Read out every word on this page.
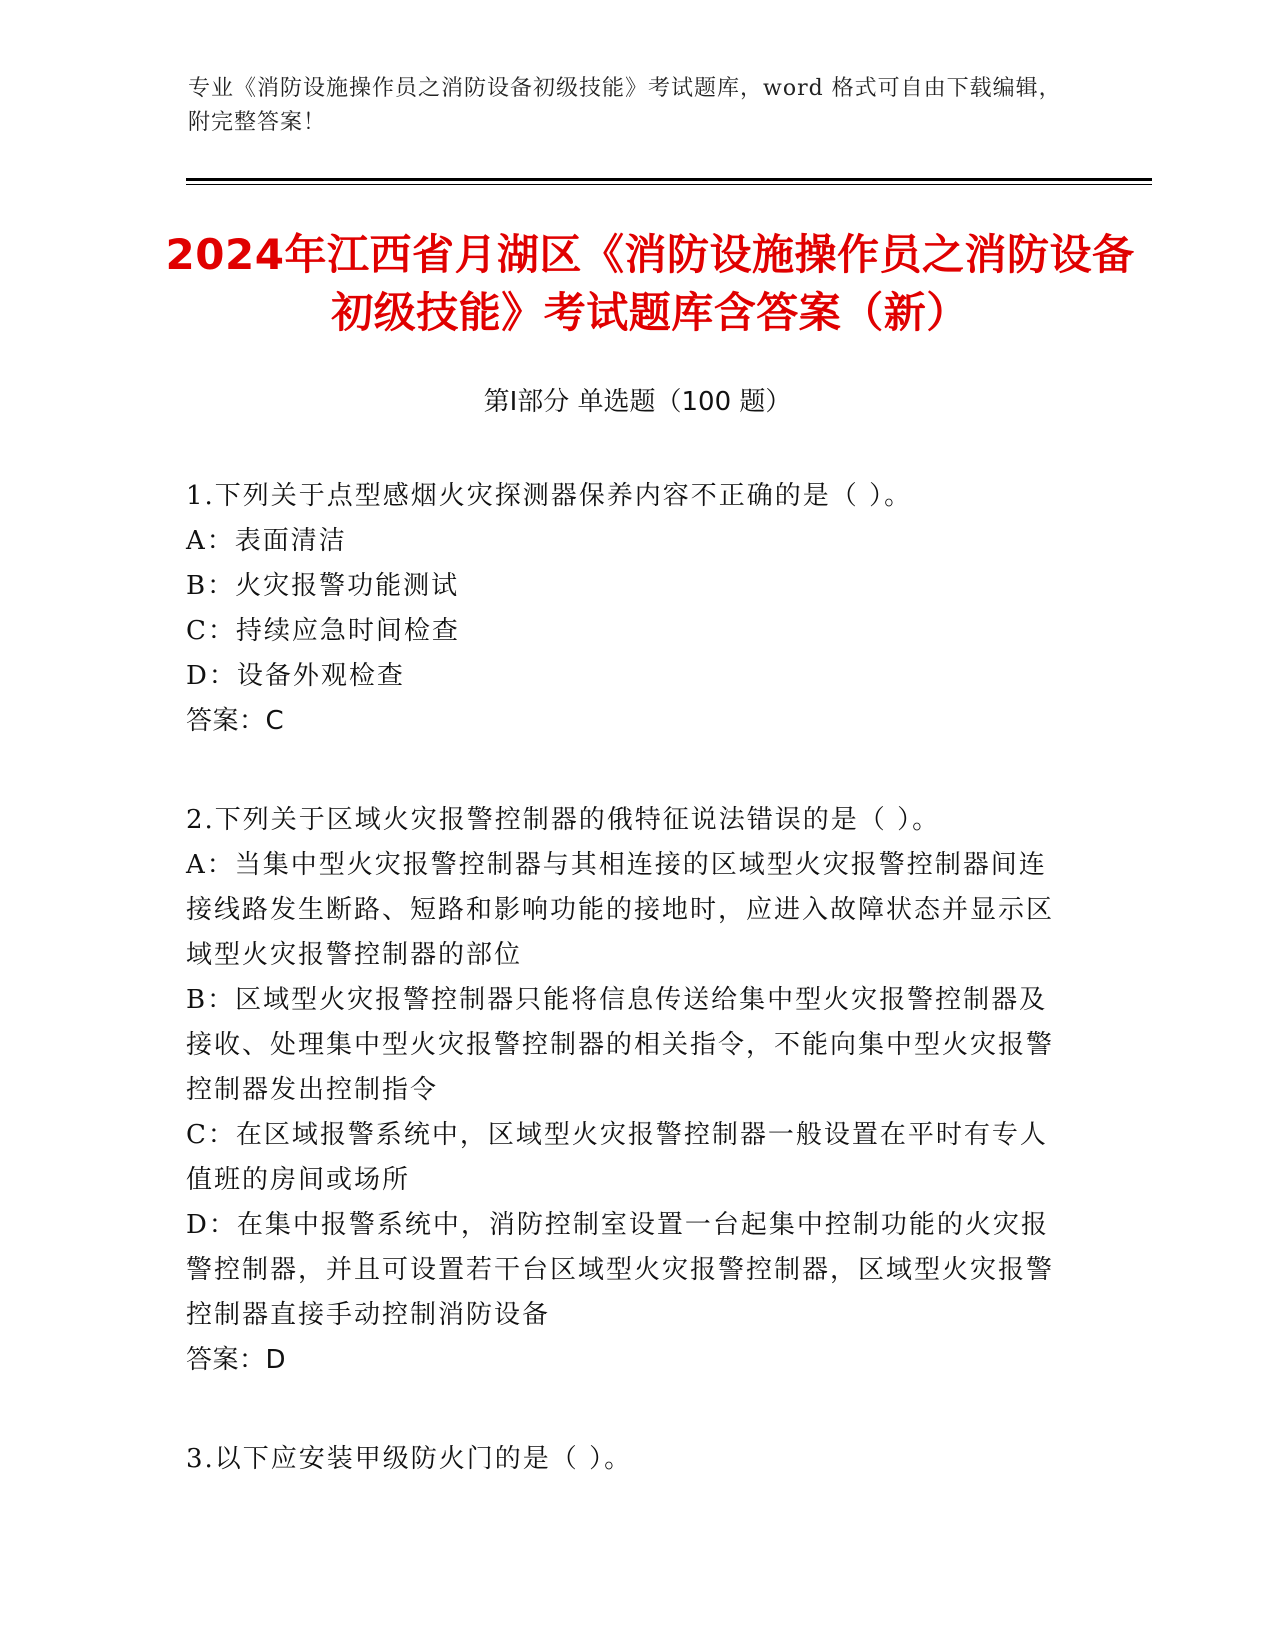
专业《消防设施操作员之消防设备初级技能》考试题库，word 格式可自由下载编辑，附完整答案！
2024年江西省月湖区《消防设施操作员之消防设备初级技能》考试题库含答案（新）
第Ⅰ部分 单选题（100 题）
1.下列关于点型感烟火灾探测器保养内容不正确的是（ ）。
A：表面清洁
B：火灾报警功能测试
C：持续应急时间检查
D：设备外观检查
答案：C
2.下列关于区域火灾报警控制器的俄特征说法错误的是（ ）。
A：当集中型火灾报警控制器与其相连接的区域型火灾报警控制器间连接线路发生断路、短路和影响功能的接地时，应进入故障状态并显示区域型火灾报警控制器的部位
B：区域型火灾报警控制器只能将信息传送给集中型火灾报警控制器及接收、处理集中型火灾报警控制器的相关指令，不能向集中型火灾报警控制器发出控制指令
C：在区域报警系统中，区域型火灾报警控制器一般设置在平时有专人值班的房间或场所
D：在集中报警系统中，消防控制室设置一台起集中控制功能的火灾报警控制器，并且可设置若干台区域型火灾报警控制器，区域型火灾报警控制器直接手动控制消防设备
答案：D
3.以下应安装甲级防火门的是（ ）。
